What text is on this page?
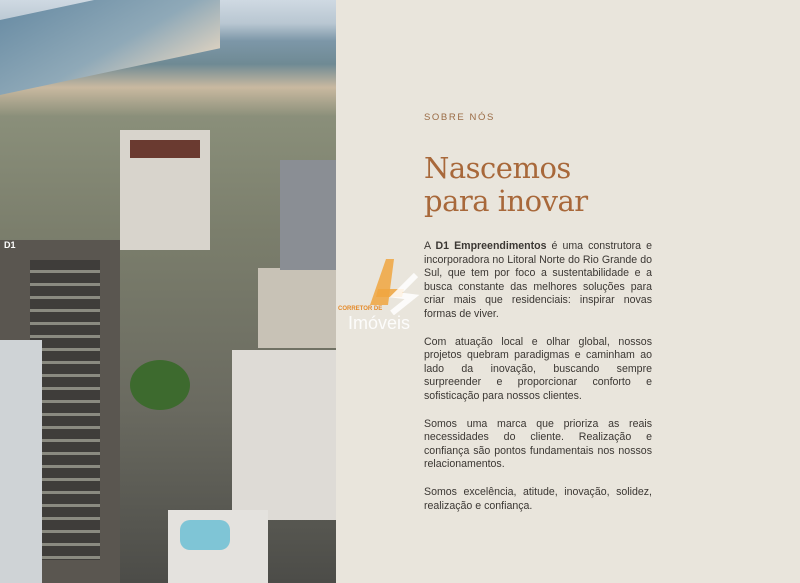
D1
SOBRE NÓS
Nascemos
para inovar

A D1 Empreendimentos é uma construtora e incorporadora no Litoral Norte do Rio Grande do Sul, que tem por foco a sustentabilidade e a busca constante das melhores soluções para criar mais que residenciais: inspirar novas formas de viver.

Com atuação local e olhar global, nossos projetos quebram paradigmas e caminham ao lado da inovação, buscando sempre surpreender e proporcionar conforto e sofisticação para nossos clientes.

Somos uma marca que prioriza as reais necessidades do cliente. Realização e confiança são pontos fundamentais nos nossos relacionamentos.

Somos excelência, atitude, inovação, solidez, realização e confiança.

CORRETOR DE
Imóveis
